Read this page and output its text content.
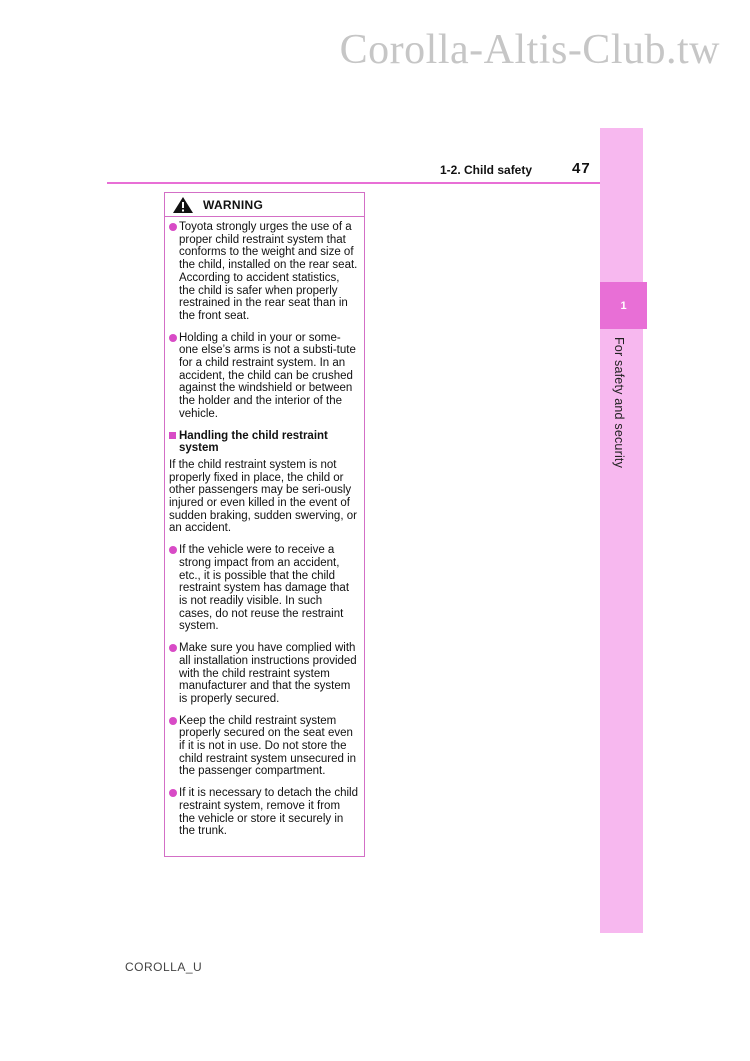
Corolla-Altis-Club.tw
1
For safety and security
1-2. Child safety	47
WARNING
Toyota strongly urges the use of a proper child restraint system that conforms to the weight and size of the child, installed on the rear seat. According to accident statistics, the child is safer when properly restrained in the rear seat than in the front seat.
Holding a child in your or some-one else’s arms is not a substi-tute for a child restraint system. In an accident, the child can be crushed against the windshield or between the holder and the interior of the vehicle.
Handling the child restraint system
If the child restraint system is not properly fixed in place, the child or other passengers may be seri-ously injured or even killed in the event of sudden braking, sudden swerving, or an accident.
If the vehicle were to receive a strong impact from an accident, etc., it is possible that the child restraint system has damage that is not readily visible. In such cases, do not reuse the restraint system.
Make sure you have complied with all installation instructions provided with the child restraint system manufacturer and that the system is properly secured.
Keep the child restraint system properly secured on the seat even if it is not in use. Do not store the child restraint system unsecured in the passenger compartment.
If it is necessary to detach the child restraint system, remove it from the vehicle or store it securely in the trunk.
COROLLA_U
